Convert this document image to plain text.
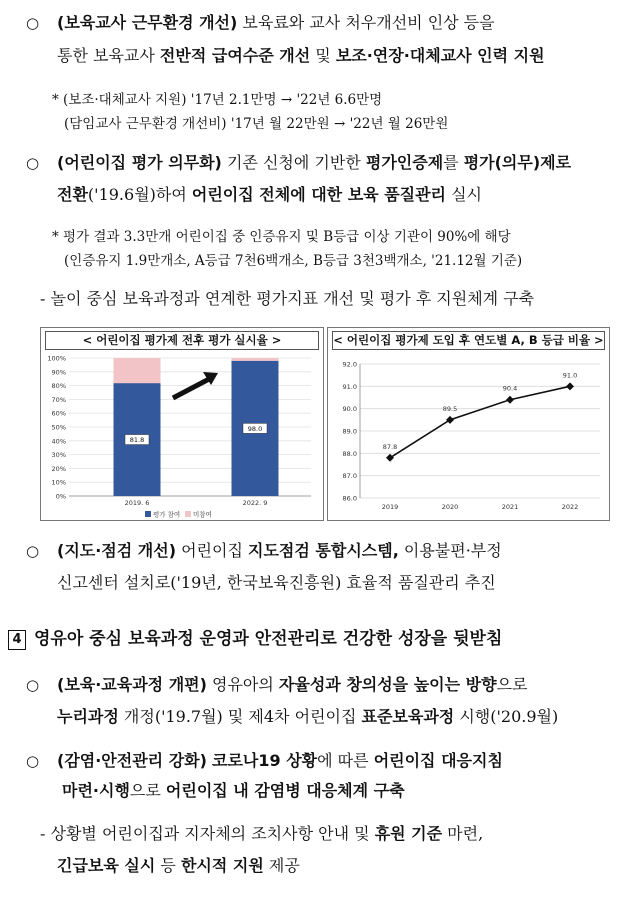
○ (보육교사 근무환경 개선) 보육료와 교사 처우개선비 인상 등을
통한 보육교사 전반적 급여수준 개선 및 보조·연장·대체교사 인력 지원
* (보조·대체교사 지원) '17년 2.1만명 → '22년 6.6만명
(담임교사 근무환경 개선비) '17년 월 22만원 → '22년 월 26만원
○ (어린이집 평가 의무화) 기존 신청에 기반한 평가인증제를 평가(의무)제로
전환('19.6월)하여 어린이집 전체에 대한 보육 품질관리 실시
* 평가 결과 3.3만개 어린이집 중 인증유지 및 B등급 이상 기관이 90%에 해당
(인증유지 1.9만개소, A등급 7천6백개소, B등급 3천3백개소, '21.12월 기준)
- 놀이 중심 보육과정과 연계한 평가지표 개선 및 평가 후 지원체계 구축
< 어린이집 평가제 전후 평가 실시율 >
0%
10%
20%
30%
40%
50%
60%
70%
80%
90%
100%
81.8
2019. 6
98.0
2022. 9
평가 참여 미참여
< 어린이집 평가제 도입 후 연도별 A, B 등급 비율 >
86.0
87.0
88.0
89.0
90.0
91.0
92.0
87.8
2019
89.5
2020
90.4
2021
91.0
2022
○ (지도·점검 개선) 어린이집 지도점검 통합시스템, 이용불편·부정
신고센터 설치로('19년, 한국보육진흥원) 효율적 품질관리 추진
4 영유아 중심 보육과정 운영과 안전관리로 건강한 성장을 뒷받침
○ (보육·교육과정 개편) 영유아의 자율성과 창의성을 높이는 방향으로
누리과정 개정('19.7월) 및 제4차 어린이집 표준보육과정 시행('20.9월)
○ (감염·안전관리 강화) 코로나19 상황에 따른 어린이집 대응지침
마련·시행으로 어린이집 내 감염병 대응체계 구축
- 상황별 어린이집과 지자체의 조치사항 안내 및 휴원 기준 마련,
긴급보육 실시 등 한시적 지원 제공
